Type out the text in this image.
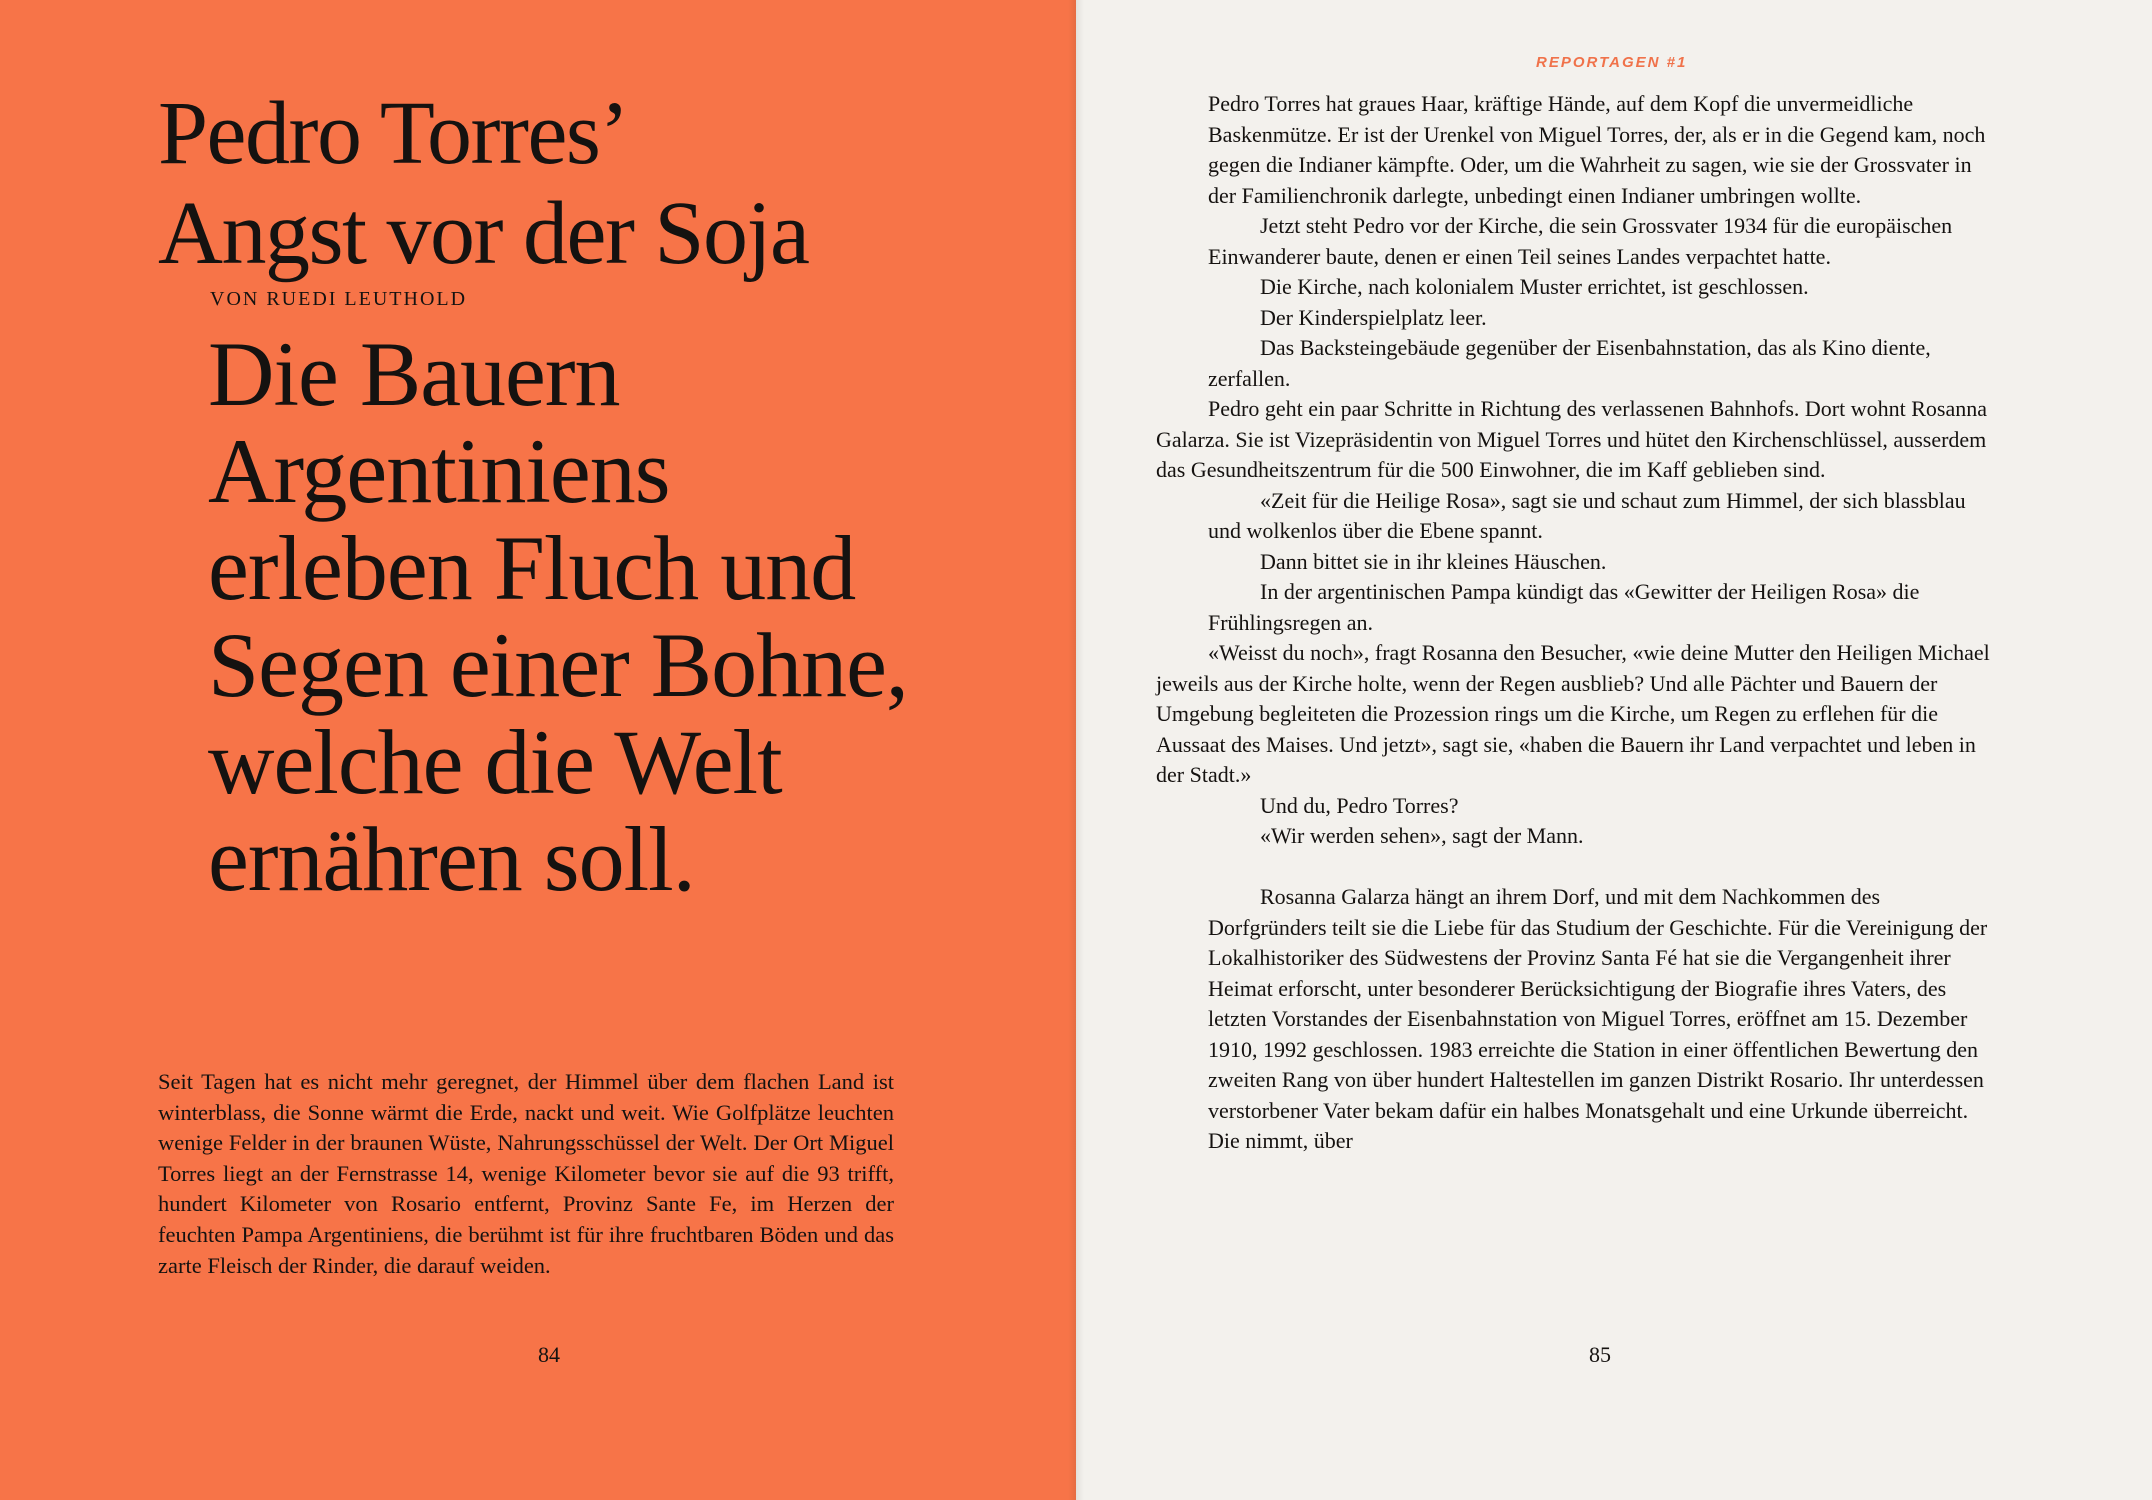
Pedro Torres’
Angst vor der Soja
VON RUEDI LEUTHOLD

Die Bauern
Argentiniens
erleben Fluch und
Segen einer Bohne,
welche die Welt
ernähren soll.

Seit Tagen hat es nicht mehr geregnet, der Himmel über dem flachen Land ist winterblass, die Sonne wärmt die Erde, nackt und weit. Wie Golfplätze leuchten wenige Felder in der braunen Wüste, Nahrungsschüssel der Welt. Der Ort Miguel Torres liegt an der Fernstrasse 14, wenige Kilometer bevor sie auf die 93 trifft, hundert Kilometer von Rosario entfernt, Provinz Sante Fe, im Herzen der feuchten Pampa Argentiniens, die berühmt ist für ihre fruchtbaren Böden und das zarte Fleisch der Rinder, die darauf weiden.

84
REPORTAGEN #1

Pedro Torres hat graues Haar, kräftige Hände, auf dem Kopf die unvermeidliche Baskenmütze. Er ist der Urenkel von Miguel Torres, der, als er in die Gegend kam, noch gegen die Indianer kämpfte. Oder, um die Wahrheit zu sagen, wie sie der Grossvater in der Familienchronik darlegte, unbedingt einen Indianer umbringen wollte.

Jetzt steht Pedro vor der Kirche, die sein Grossvater 1934 für die europäischen Einwanderer baute, denen er einen Teil seines Landes verpachtet hatte.

Die Kirche, nach kolonialem Muster errichtet, ist geschlossen.

Der Kinderspielplatz leer.

Das Backsteingebäude gegenüber der Eisenbahnstation, das als Kino diente, zerfallen.

Pedro geht ein paar Schritte in Richtung des verlassenen Bahnhofs. Dort wohnt Rosanna Galarza. Sie ist Vizepräsidentin von Miguel Torres und hütet den Kirchenschlüssel, ausserdem das Gesundheitszentrum für die 500 Einwohner, die im Kaff geblieben sind.

«Zeit für die Heilige Rosa», sagt sie und schaut zum Himmel, der sich blassblau und wolkenlos über die Ebene spannt.

Dann bittet sie in ihr kleines Häuschen.

In der argentinischen Pampa kündigt das «Gewitter der Heiligen Rosa» die Frühlingsregen an.

«Weisst du noch», fragt Rosanna den Besucher, «wie deine Mutter den Heiligen Michael jeweils aus der Kirche holte, wenn der Regen ausblieb? Und alle Pächter und Bauern der Umgebung begleiteten die Prozession rings um die Kirche, um Regen zu erflehen für die Aussaat des Maises. Und jetzt», sagt sie, «haben die Bauern ihr Land verpachtet und leben in der Stadt.»

Und du, Pedro Torres?

«Wir werden sehen», sagt der Mann.

Rosanna Galarza hängt an ihrem Dorf, und mit dem Nachkommen des Dorfgründers teilt sie die Liebe für das Studium der Geschichte. Für die Vereinigung der Lokalhistoriker des Südwestens der Provinz Santa Fé hat sie die Vergangenheit ihrer Heimat erforscht, unter besonderer Berücksichtigung der Biografie ihres Vaters, des letzten Vorstandes der Eisenbahnstation von Miguel Torres, eröffnet am 15. Dezember 1910, 1992 geschlossen. 1983 erreichte die Station in einer öffentlichen Bewertung den zweiten Rang von über hundert Haltestellen im ganzen Distrikt Rosario. Ihr unterdessen verstorbener Vater bekam dafür ein halbes Monatsgehalt und eine Urkunde überreicht. Die nimmt, über

85
